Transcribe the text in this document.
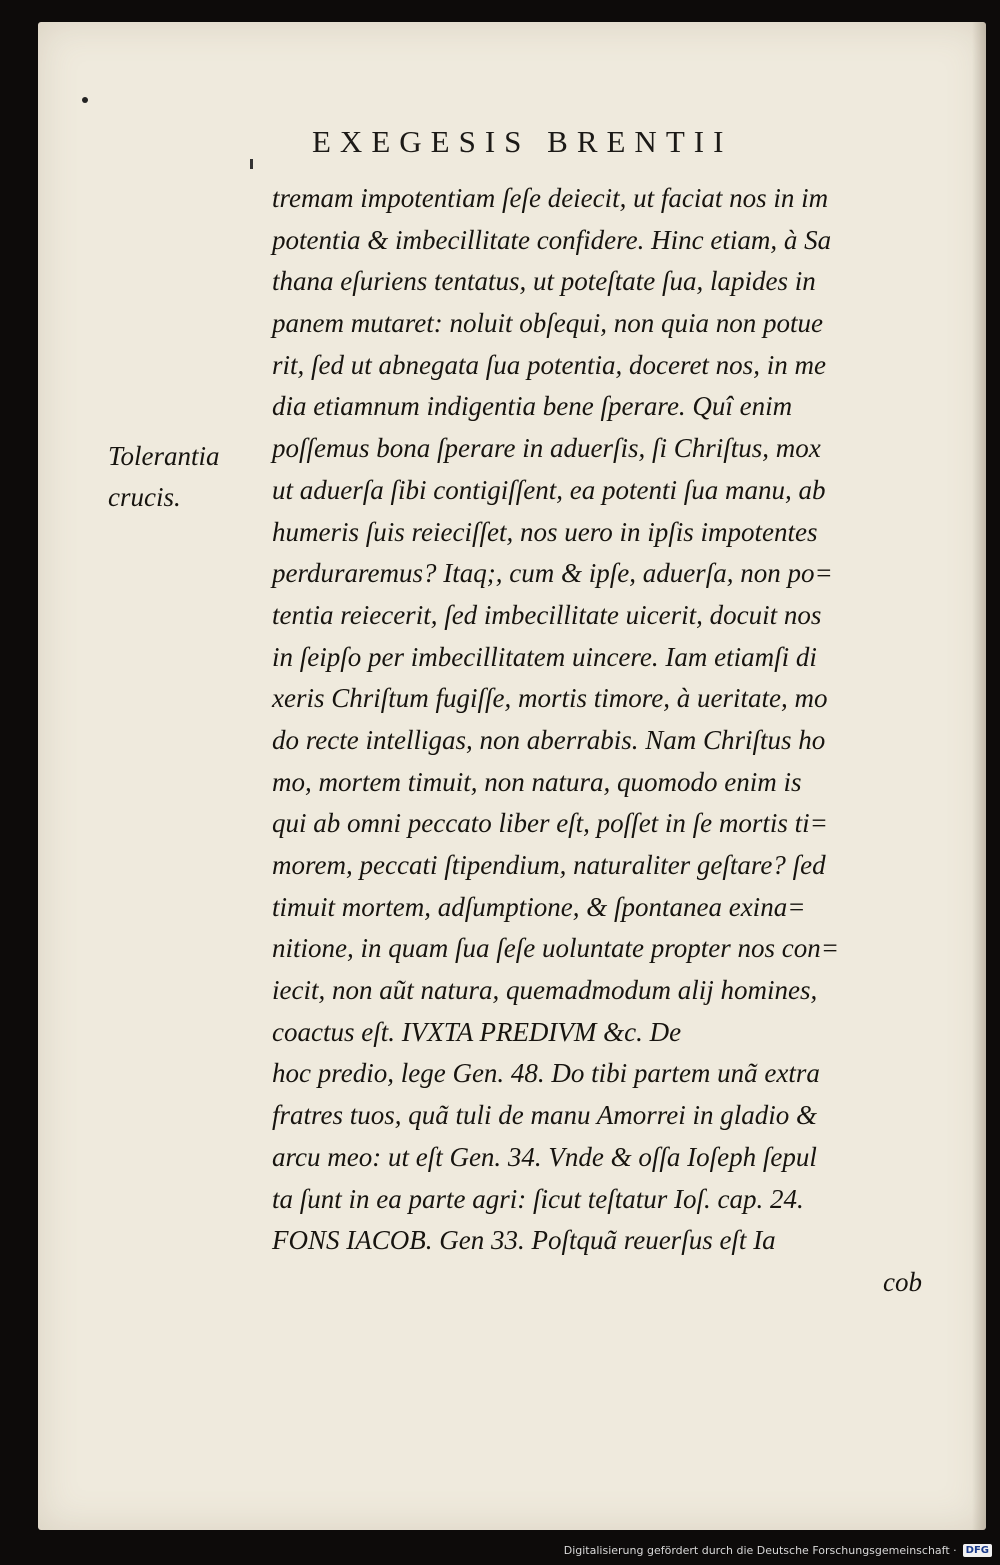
EXEGESIS BRENTII
Tolerantia
crucis.
tremam impotentiam ſeſe deiecit, ut faciat nos in im
potentia & imbecillitate confidere. Hinc etiam, à Sa
thana eſuriens tentatus, ut poteſtate ſua, lapides in
panem mutaret: noluit obſequi, non quia non potue
rit, ſed ut abnegata ſua potentia, doceret nos, in me
dia etiamnum indigentia bene ſperare. Quî enim
poſſemus bona ſperare in aduerſis, ſi Chriſtus, mox
ut aduerſa ſibi contigiſſent, ea potenti ſua manu, ab
humeris ſuis reieciſſet, nos uero in ipſis impotentes
perduraremus? Itaq;, cum & ipſe, aduerſa, non po=
tentia reiecerit, ſed imbecillitate uicerit, docuit nos
in ſeipſo per imbecillitatem uincere. Iam etiamſi di
xeris Chriſtum fugiſſe, mortis timore, à ueritate, mo
do recte intelligas, non aberrabis. Nam Chriſtus ho
mo, mortem timuit, non natura, quomodo enim is
qui ab omni peccato liber eſt, poſſet in ſe mortis ti=
morem, peccati ſtipendium, naturaliter geſtare? ſed
timuit mortem, adſumptione, & ſpontanea exina=
nitione, in quam ſua ſeſe uoluntate propter nos con=
iecit, non aũt natura, quemadmodum alij homines,
coactus eſt. IVXTA PREDIVM &c. De
hoc predio, lege Gen. 48. Do tibi partem unã extra
fratres tuos, quã tuli de manu Amorrei in gladio &
arcu meo: ut eſt Gen. 34. Vnde & oſſa Ioſeph ſepul
ta ſunt in ea parte agri: ſicut teſtatur Ioſ. cap. 24.
FONS IACOB. Gen 33. Poſtquã reuerſus eſt Ia
cob
Digitalisierung gefördert durch die Deutsche Forschungsgemeinschaft · DFG
